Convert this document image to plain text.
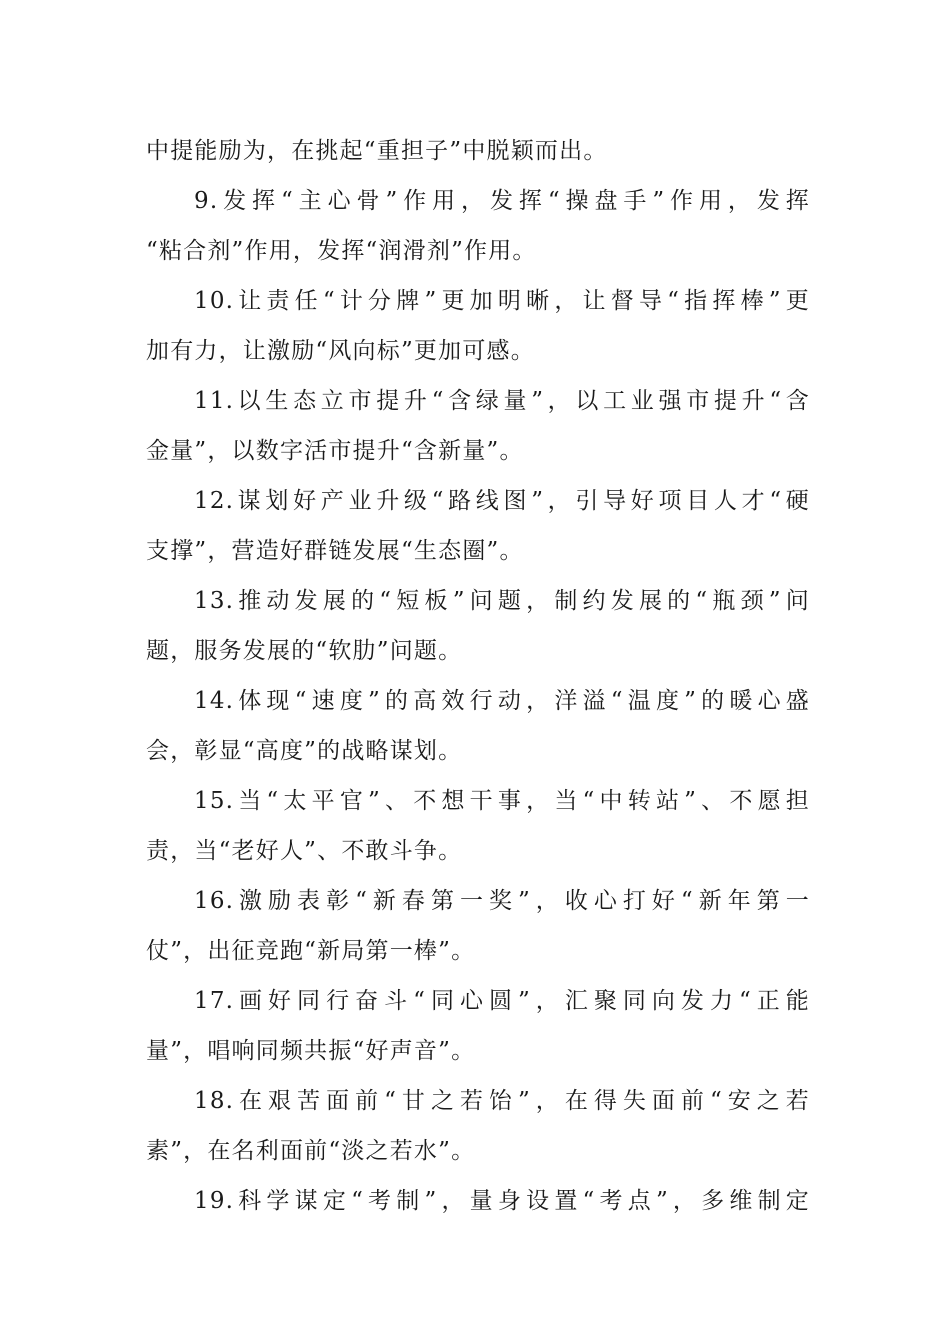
中提能励为，在挑起“重担子”中脱颖而出。
9.发挥“主心骨”作用，发挥“操盘手”作用，发挥
“粘合剂”作用，发挥“润滑剂”作用。
10.让责任“计分牌”更加明晰，让督导“指挥棒”更
加有力，让激励“风向标”更加可感。
11.以生态立市提升“含绿量”，以工业强市提升“含
金量”，以数字活市提升“含新量”。
12.谋划好产业升级“路线图”，引导好项目人才“硬
支撑”，营造好群链发展“生态圈”。
13.推动发展的“短板”问题，制约发展的“瓶颈”问
题，服务发展的“软肋”问题。
14.体现“速度”的高效行动，洋溢“温度”的暖心盛
会，彰显“高度”的战略谋划。
15.当“太平官”、不想干事，当“中转站”、不愿担
责，当“老好人”、不敢斗争。
16.激励表彰“新春第一奖”，收心打好“新年第一
仗”，出征竞跑“新局第一棒”。
17.画好同行奋斗“同心圆”，汇聚同向发力“正能
量”，唱响同频共振“好声音”。
18.在艰苦面前“甘之若饴”，在得失面前“安之若
素”，在名利面前“淡之若水”。
19.科学谋定“考制”，量身设置“考点”，多维制定
